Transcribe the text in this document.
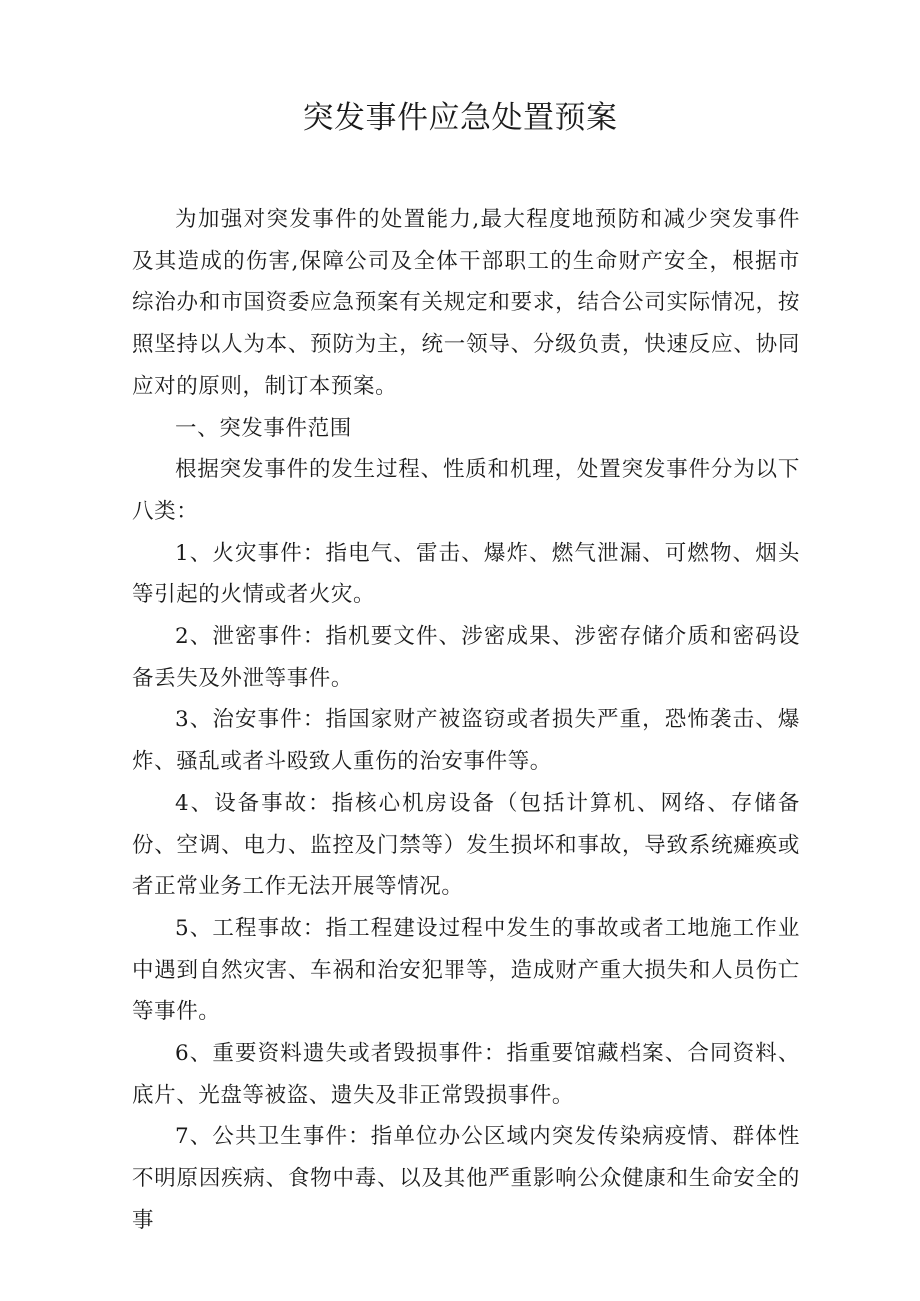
突发事件应急处置预案

为加强对突发事件的处置能力,最大程度地预防和减少突发事件及其造成的伤害,保障公司及全体干部职工的生命财产安全，根据市综治办和市国资委应急预案有关规定和要求，结合公司实际情况，按照坚持以人为本、预防为主，统一领导、分级负责，快速反应、协同应对的原则，制订本预案。

一、突发事件范围

根据突发事件的发生过程、性质和机理，处置突发事件分为以下八类：

1、火灾事件：指电气、雷击、爆炸、燃气泄漏、可燃物、烟头等引起的火情或者火灾。

2、泄密事件：指机要文件、涉密成果、涉密存储介质和密码设备丢失及外泄等事件。

3、治安事件：指国家财产被盗窃或者损失严重，恐怖袭击、爆炸、骚乱或者斗殴致人重伤的治安事件等。

4、设备事故：指核心机房设备（包括计算机、网络、存储备份、空调、电力、监控及门禁等）发生损坏和事故，导致系统瘫痪或者正常业务工作无法开展等情况。

5、工程事故：指工程建设过程中发生的事故或者工地施工作业中遇到自然灾害、车祸和治安犯罪等，造成财产重大损失和人员伤亡等事件。

6、重要资料遗失或者毁损事件：指重要馆藏档案、合同资料、底片、光盘等被盗、遗失及非正常毁损事件。

7、公共卫生事件：指单位办公区域内突发传染病疫情、群体性不明原因疾病、食物中毒、以及其他严重影响公众健康和生命安全的事
